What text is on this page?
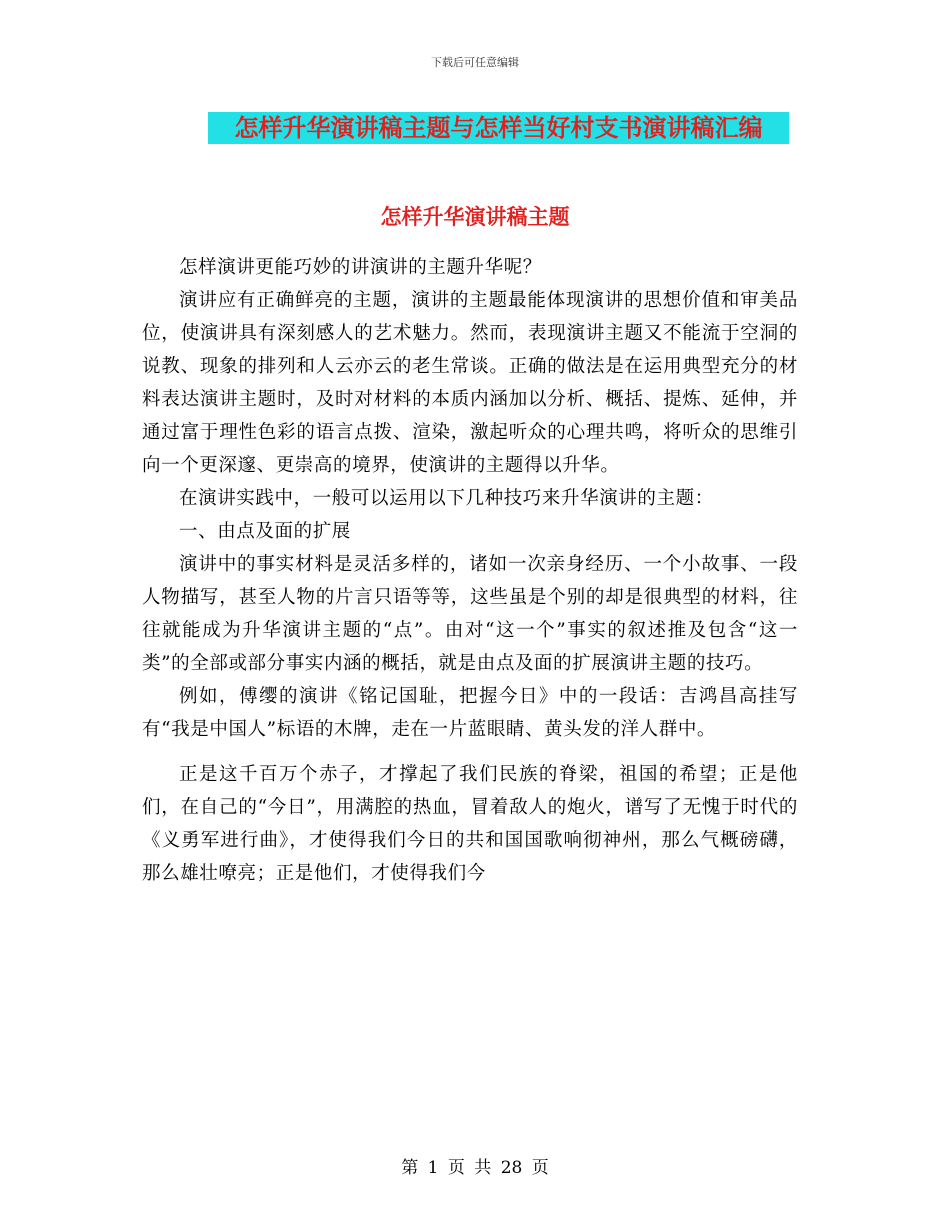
下载后可任意编辑
怎样升华演讲稿主题与怎样当好村支书演讲稿汇编
怎样升华演讲稿主题

怎样演讲更能巧妙的讲演讲的主题升华呢？

演讲应有正确鲜亮的主题，演讲的主题最能体现演讲的思想价值和审美品位，使演讲具有深刻感人的艺术魅力。然而，表现演讲主题又不能流于空洞的说教、现象的排列和人云亦云的老生常谈。正确的做法是在运用典型充分的材料表达演讲主题时，及时对材料的本质内涵加以分析、概括、提炼、延伸，并通过富于理性色彩的语言点拨、渲染，激起听众的心理共鸣，将听众的思维引向一个更深邃、更崇高的境界，使演讲的主题得以升华。

在演讲实践中，一般可以运用以下几种技巧来升华演讲的主题：

一、由点及面的扩展

演讲中的事实材料是灵活多样的，诸如一次亲身经历、一个小故事、一段人物描写，甚至人物的片言只语等等，这些虽是个别的却是很典型的材料，往往就能成为升华演讲主题的“点”。由对“这一个”事实的叙述推及包含“这一类”的全部或部分事实内涵的概括，就是由点及面的扩展演讲主题的技巧。

例如，傅缨的演讲《铭记国耻，把握今日》中的一段话：吉鸿昌高挂写有“我是中国人”标语的木牌，走在一片蓝眼睛、黄头发的洋人群中。

正是这千百万个赤子，才撑起了我们民族的脊梁，祖国的希望；正是他们，在自己的“今日”，用满腔的热血，冒着敌人的炮火，谱写了无愧于时代的《义勇军进行曲》，才使得我们今日的共和国国歌响彻神州，那么气概磅礴，那么雄壮嘹亮；正是他们，才使得我们今

第 1 页 共 28 页
